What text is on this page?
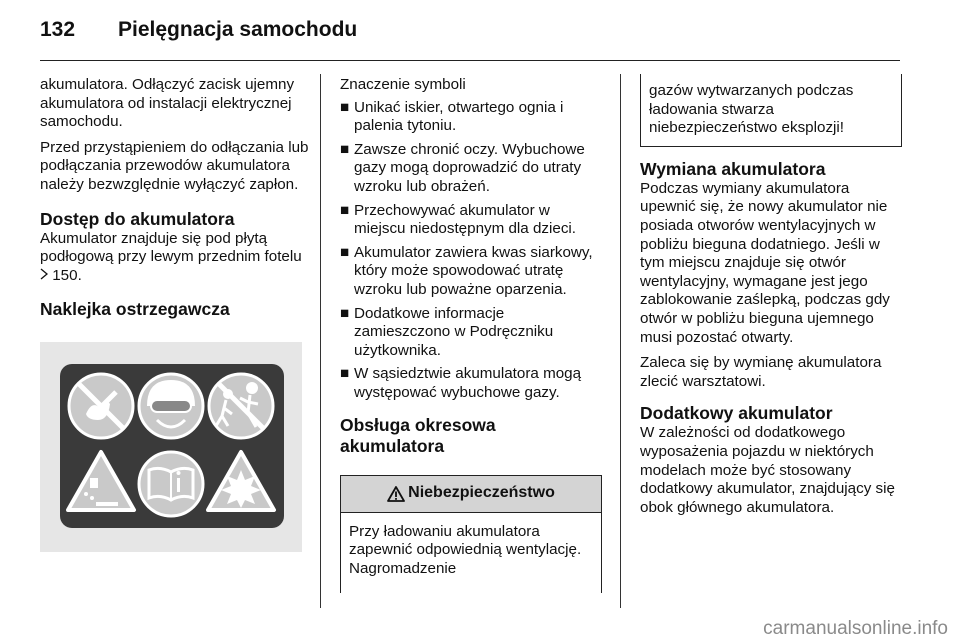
132 Pielęgnacja samochodu

akumulatora. Odłączyć zacisk ujemny akumulatora od instalacji elektrycznej samochodu.

Przed przystąpieniem do odłączania lub podłączania przewodów akumulatora należy bezwzględnie wyłączyć zapłon.

Dostęp do akumulatora

Akumulator znajduje się pod płytą podłogową przy lewym przednim fotelu  150.

Naklejka ostrzegawcza

Znaczenie symboli

■ Unikać iskier, otwartego ognia i palenia tytoniu.
■ Zawsze chronić oczy. Wybuchowe gazy mogą doprowadzić do utraty wzroku lub obrażeń.
■ Przechowywać akumulator w miejscu niedostępnym dla dzieci.
■ Akumulator zawiera kwas siarkowy, który może spowodować utratę wzroku lub poważne oparzenia.
■ Dodatkowe informacje zamieszczono w Podręczniku użytkownika.
■ W sąsiedztwie akumulatora mogą występować wybuchowe gazy.
Obsługa okresowa akumulatora
Niebezpieczeństwo
Przy ładowaniu akumulatora zapewnić odpowiednią wentylację. Nagromadzenie
gazów wytwarzanych podczas ładowania stwarza niebezpieczeństwo eksplozji!
Wymiana akumulatora

Podczas wymiany akumulatora upewnić się, że nowy akumulator nie posiada otworów wentylacyjnych w pobliżu bieguna dodatniego. Jeśli w tym miejscu znajduje się otwór wentylacyjny, wymagane jest jego zablokowanie zaślepką, podczas gdy otwór w pobliżu bieguna ujemnego musi pozostać otwarty.

Zaleca się by wymianę akumulatora zlecić warsztatowi.

Dodatkowy akumulator

W zależności od dodatkowego wyposażenia pojazdu w niektórych modelach może być stosowany dodatkowy akumulator, znajdujący się obok głównego akumulatora.

carmanualsonline.info
